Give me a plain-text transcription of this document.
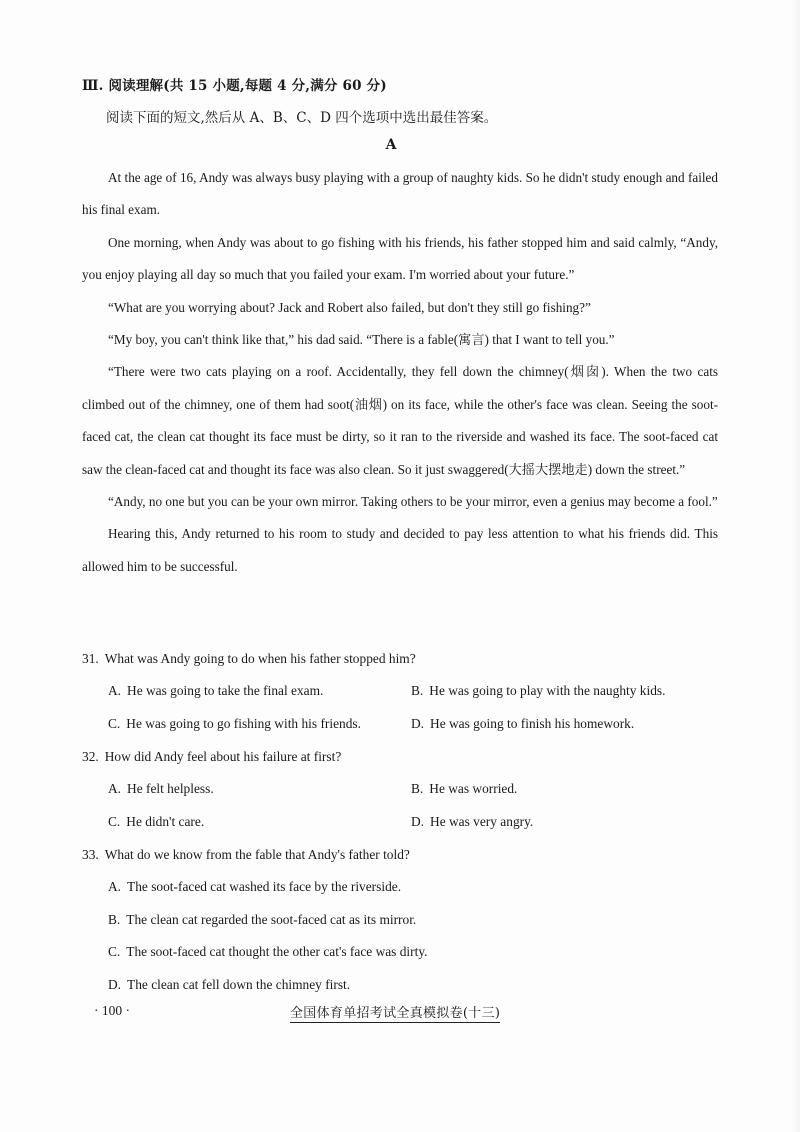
Ⅲ. 阅读理解(共 15 小题,每题 4 分,满分 60 分)
阅读下面的短文,然后从 A、B、C、D 四个选项中选出最佳答案。
A

At the age of 16, Andy was always busy playing with a group of naughty kids. So he didn't study enough and failed his final exam.

One morning, when Andy was about to go fishing with his friends, his father stopped him and said calmly, “Andy, you enjoy playing all day so much that you failed your exam. I'm worried about your future.”

“What are you worrying about? Jack and Robert also failed, but don't they still go fishing?”

“My boy, you can't think like that,” his dad said. “There is a fable(寓言) that I want to tell you.”

“There were two cats playing on a roof. Accidentally, they fell down the chimney(烟囱). When the two cats climbed out of the chimney, one of them had soot(油烟) on its face, while the other's face was clean. Seeing the soot-faced cat, the clean cat thought its face must be dirty, so it ran to the riverside and washed its face. The soot-faced cat saw the clean-faced cat and thought its face was also clean. So it just swaggered(大摇大摆地走) down the street.”

“Andy, no one but you can be your own mirror. Taking others to be your mirror, even a genius may become a fool.”

Hearing this, Andy returned to his room to study and decided to pay less attention to what his friends did. This allowed him to be successful.

31. What was Andy going to do when his father stopped him?
A. He was going to take the final exam.	B. He was going to play with the naughty kids.
C. He was going to go fishing with his friends.	D. He was going to finish his homework.
32. How did Andy feel about his failure at first?
A. He felt helpless.	B. He was worried.
C. He didn't care.	D. He was very angry.
33. What do we know from the fable that Andy's father told?
A. The soot-faced cat washed its face by the riverside.
B. The clean cat regarded the soot-faced cat as its mirror.
C. The soot-faced cat thought the other cat's face was dirty.
D. The clean cat fell down the chimney first.
· 100 ·	全国体育单招考试全真模拟卷(十三)
